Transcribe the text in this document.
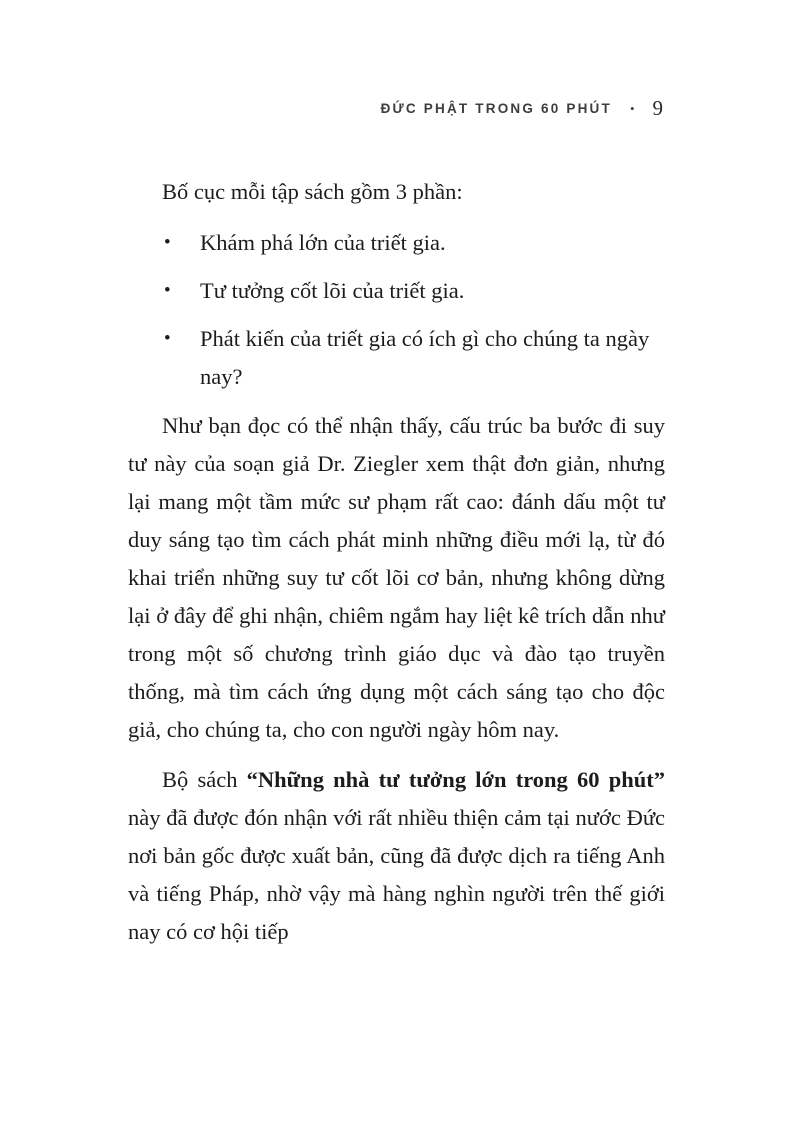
ĐỨC PHẬT TRONG 60 PHÚT • 9

Bố cục mỗi tập sách gồm 3 phần:

• Khám phá lớn của triết gia.
• Tư tưởng cốt lõi của triết gia.
• Phát kiến của triết gia có ích gì cho chúng ta ngày nay?

Như bạn đọc có thể nhận thấy, cấu trúc ba bước đi suy tư này của soạn giả Dr. Ziegler xem thật đơn giản, nhưng lại mang một tầm mức sư phạm rất cao: đánh dấu một tư duy sáng tạo tìm cách phát minh những điều mới lạ, từ đó khai triển những suy tư cốt lõi cơ bản, nhưng không dừng lại ở đây để ghi nhận, chiêm ngắm hay liệt kê trích dẫn như trong một số chương trình giáo dục và đào tạo truyền thống, mà tìm cách ứng dụng một cách sáng tạo cho độc giả, cho chúng ta, cho con người ngày hôm nay.

Bộ sách “Những nhà tư tưởng lớn trong 60 phút” này đã được đón nhận với rất nhiều thiện cảm tại nước Đức nơi bản gốc được xuất bản, cũng đã được dịch ra tiếng Anh và tiếng Pháp, nhờ vậy mà hàng nghìn người trên thế giới nay có cơ hội tiếp
